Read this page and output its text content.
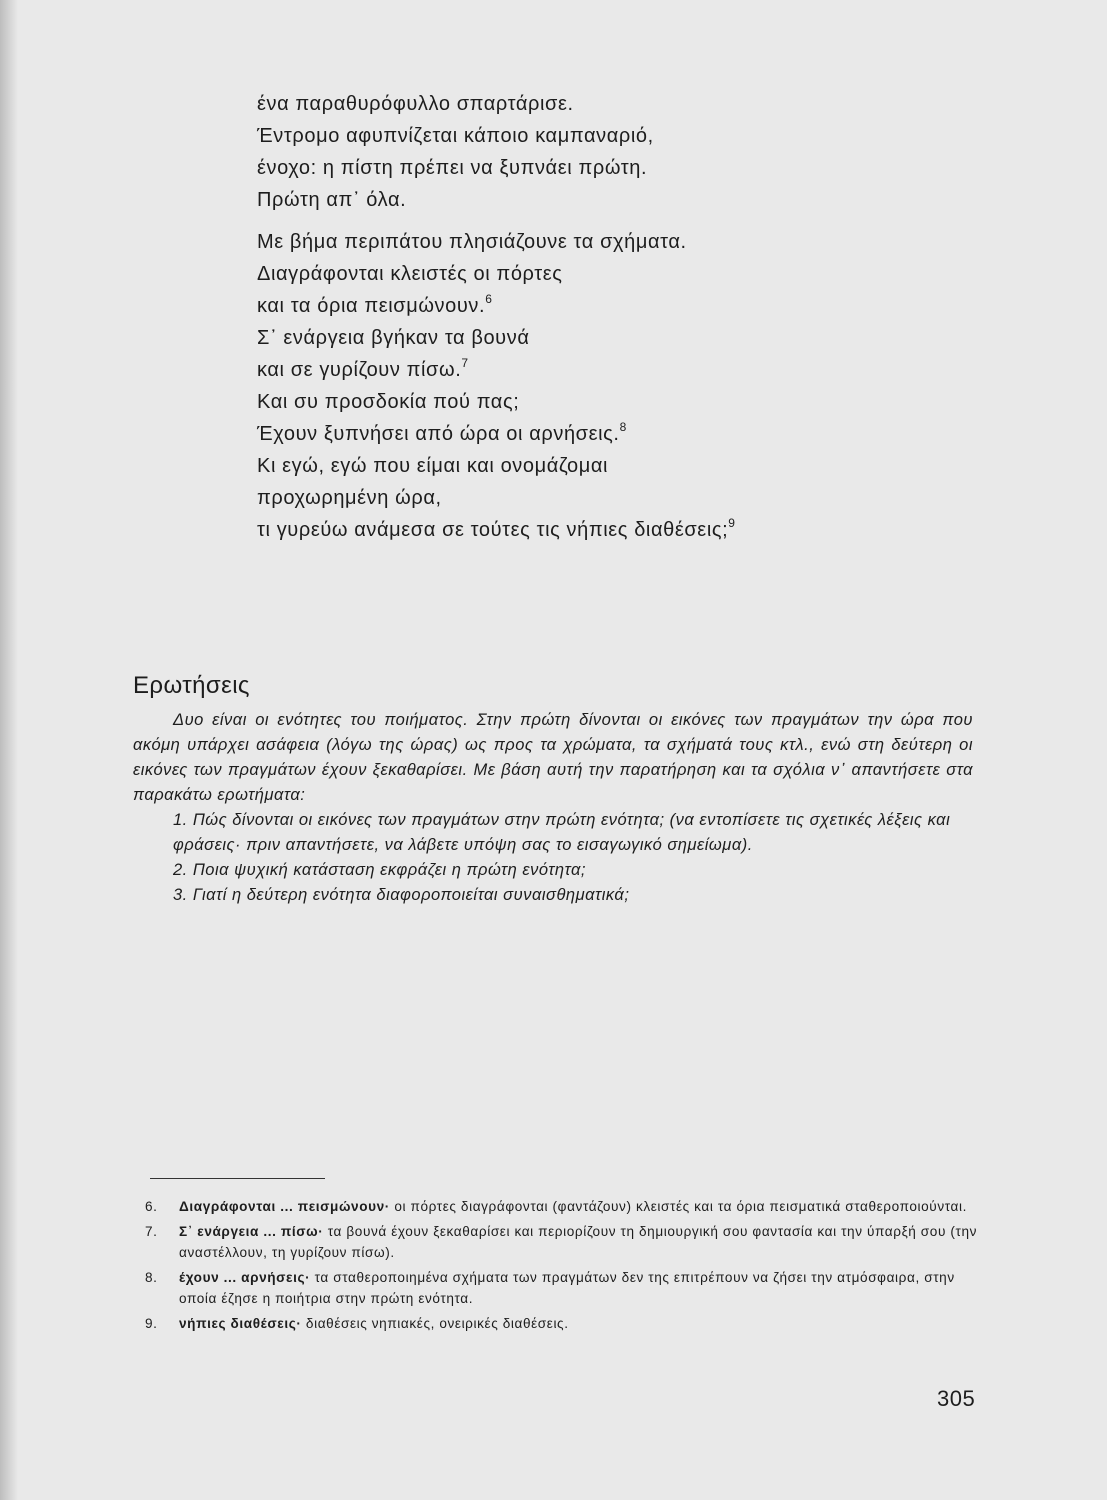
ένα παραθυρόφυλλο σπαρτάρισε.
Έντρομο αφυπνίζεται κάποιο καμπαναριό,
ένοχο: η πίστη πρέπει να ξυπνάει πρώτη.
Πρώτη απ᾽ όλα.
Με βήμα περιπάτου πλησιάζουνε τα σχήματα.
Διαγράφονται κλειστές οι πόρτες
και τα όρια πεισμώνουν.$^6$
Σ᾽ ενάργεια βγήκαν τα βουνά
και σε γυρίζουν πίσω.$^7$
Και συ προσδοκία πού πας;
Έχουν ξυπνήσει από ώρα οι αρνήσεις.$^8$
Κι εγώ, εγώ που είμαι και ονομάζομαι
προχωρημένη ώρα,
τι γυρεύω ανάμεσα σε τούτες τις νήπιες διαθέσεις;$^9$
Ερωτήσεις

Δυο είναι οι ενότητες του ποιήματος. Στην πρώτη δίνονται οι εικόνες των πραγμάτων την ώρα που ακόμη υπάρχει ασάφεια (λόγω της ώρας) ως προς τα χρώματα, τα σχήματά τους κτλ., ενώ στη δεύτερη οι εικόνες των πραγμάτων έχουν ξεκαθαρίσει. Με βάση αυτή την παρατήρηση και τα σχόλια ν᾽ απαντήσετε στα παρακάτω ερωτήματα:

1. Πώς δίνονται οι εικόνες των πραγμάτων στην πρώτη ενότητα; (να εντοπίσετε τις σχετικές λέξεις και φράσεις· πριν απαντήσετε, να λάβετε υπόψη σας το εισαγωγικό σημείωμα).

2. Ποια ψυχική κατάσταση εκφράζει η πρώτη ενότητα;

3. Γιατί η δεύτερη ενότητα διαφοροποιείται συναισθηματικά;

6. Διαγράφονται ... πεισμώνουν· οι πόρτες διαγράφονται (φαντάζουν) κλειστές και τα όρια πεισματικά σταθεροποιούνται.
7. Σ᾽ ενάργεια ... πίσω· τα βουνά έχουν ξεκαθαρίσει και περιορίζουν τη δημιουργική σου φαντασία και την ύπαρξή σου (την αναστέλλουν, τη γυρίζουν πίσω).
8. έχουν ... αρνήσεις· τα σταθεροποιημένα σχήματα των πραγμάτων δεν της επιτρέπουν να ζήσει την ατμόσφαιρα, στην οποία έζησε η ποιήτρια στην πρώτη ενότητα.
9. νήπιες διαθέσεις· διαθέσεις νηπιακές, ονειρικές διαθέσεις.
305
